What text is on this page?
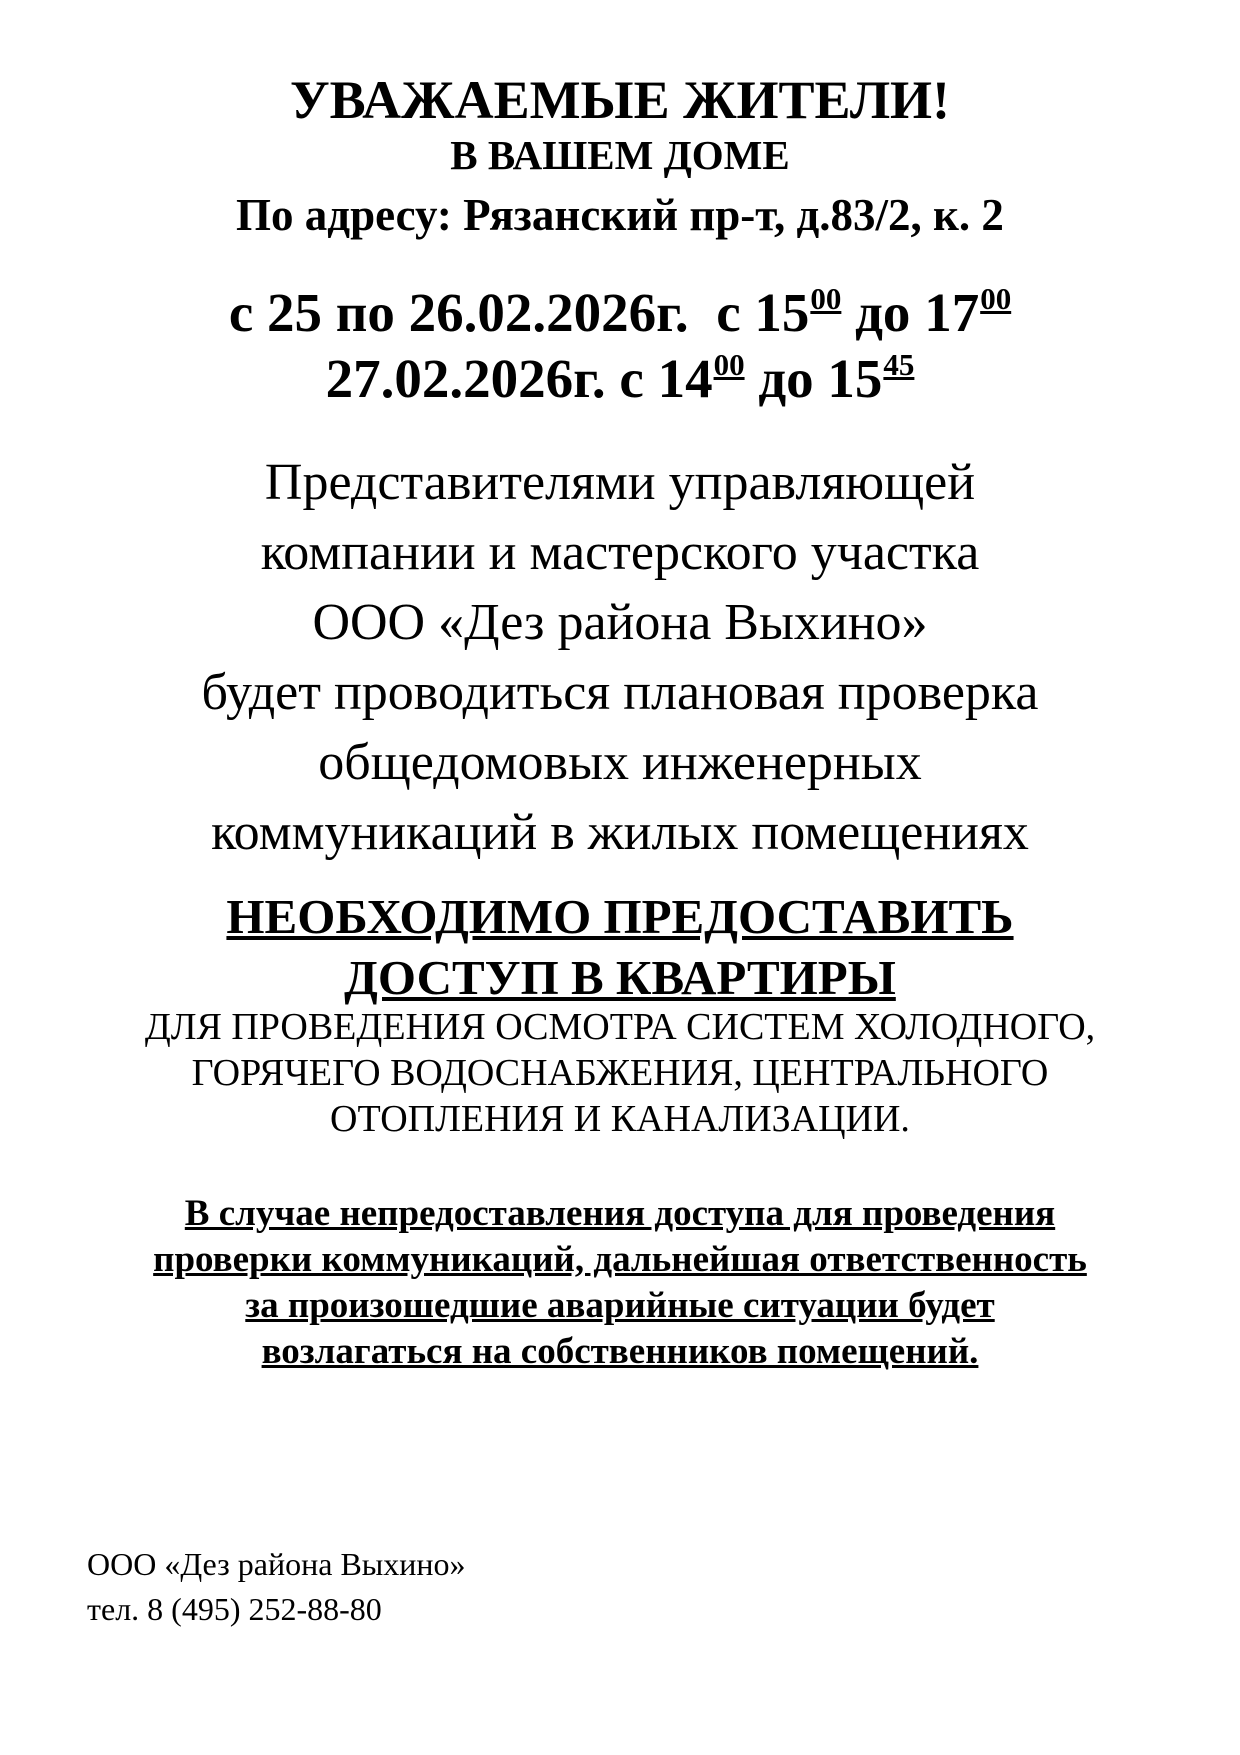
УВАЖАЕМЫЕ ЖИТЕЛИ!
В ВАШЕМ ДОМЕ
По адресу: Рязанский пр-т, д.83/2, к. 2
с 25 по 26.02.2026г. с $15^{00}$ до $17^{00}$
27.02.2026г. с $14^{00}$ до $15^{45}$
Представителями управляющей
компании и мастерского участка
ООО «Дез района Выхино»
будет проводиться плановая проверка
общедомовых инженерных
коммуникаций в жилых помещениях
НЕОБХОДИМО ПРЕДОСТАВИТЬ
ДОСТУП В КВАРТИРЫ
ДЛЯ ПРОВЕДЕНИЯ ОСМОТРА СИСТЕМ ХОЛОДНОГО,
ГОРЯЧЕГО ВОДОСНАБЖЕНИЯ, ЦЕНТРАЛЬНОГО
ОТОПЛЕНИЯ И КАНАЛИЗАЦИИ.
В случае непредоставления доступа для проведения
проверки коммуникаций, дальнейшая ответственность
за произошедшие аварийные ситуации будет
возлагаться на собственников помещений.
ООО «Дез района Выхино»
тел. 8 (495) 252-88-80
